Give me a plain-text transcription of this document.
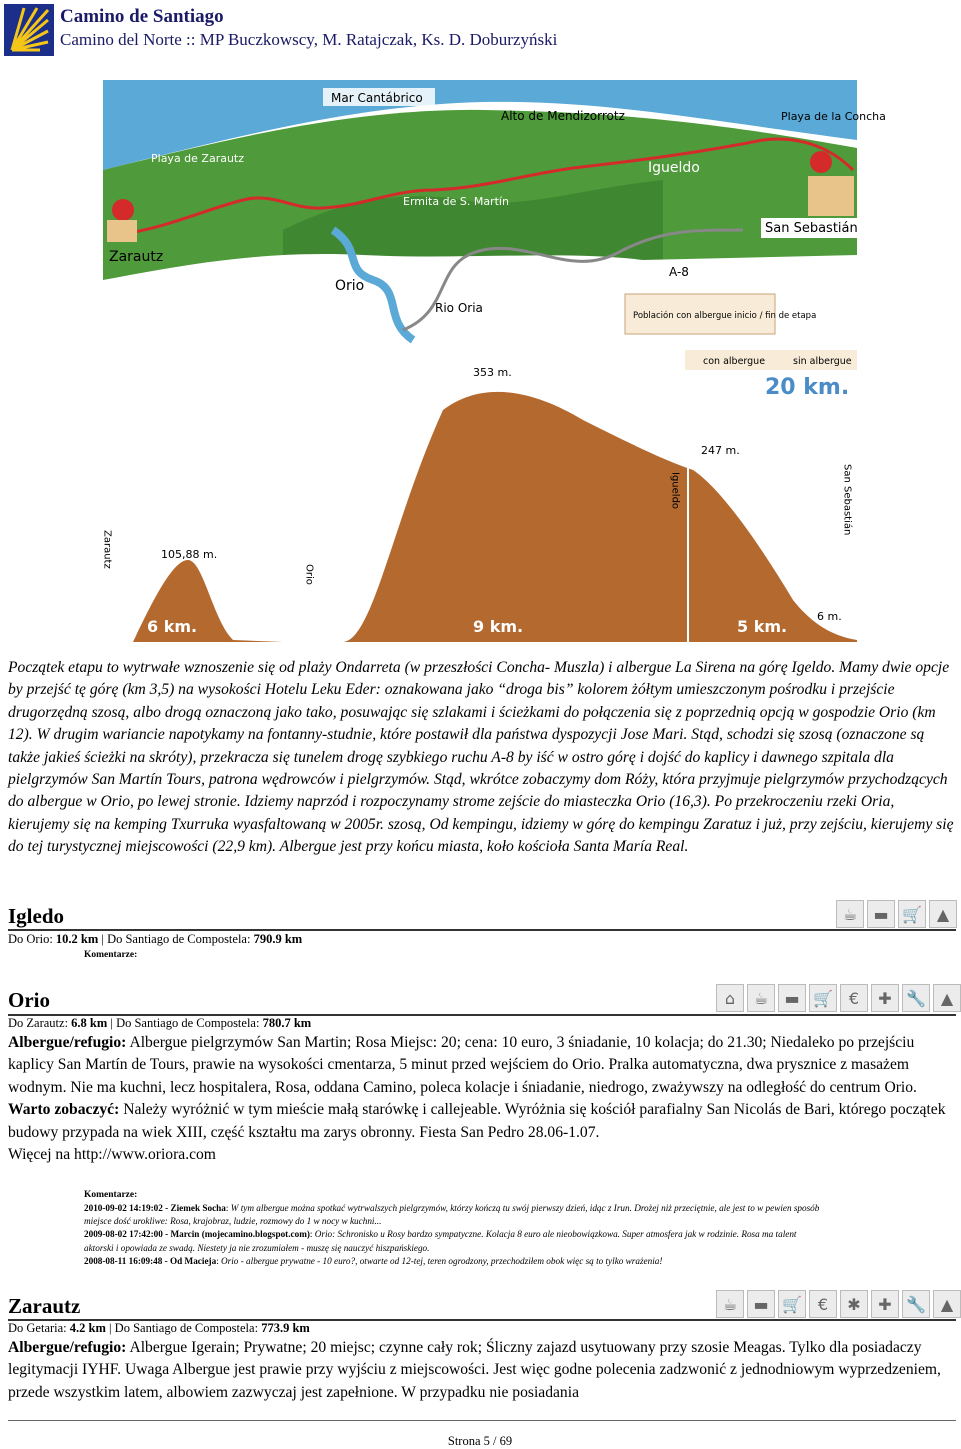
Camino de Santiago
Camino del Norte :: MP Buczkowscy, M. Ratajczak, Ks. D. Doburzyński
Mar Cantábrico
Alto de Mendizorrotz
Playa de Zarautz
Playa de la Concha
Igueldo
Ermita de S. Martín
Zarautz
Orio
Rio Oria
A-8
San Sebastián
Población con albergue inicio / fin de etapa
con albergue	sin albergue
353 m.
20 km.
247 m.
105,88 m.
6 m.
6 km.	9 km.	5 km.
Zarautz
Orio
Igueldo	San Sebastián
Początek etapu to wytrwałe wznoszenie się od plaży Ondarreta (w przeszłości Concha- Muszla) i albergue La Sirena na górę Igeldo. Mamy dwie opcje by przejść tę górę (km 3,5) na wysokości Hotelu Leku Eder: oznakowana jako “droga bis” kolorem żółtym umieszczonym pośrodku i przejście drugorzędną szosą, albo drogą oznaczoną jako tako, posuwając się szlakami i ścieżkami do połączenia się z poprzednią opcją w gospodzie Orio (km 12). W drugim wariancie napotykamy na fontanny-studnie, które postawił dla państwa dyspozycji Jose Mari. Stąd, schodzi się szosą (oznaczone są także jakieś ścieżki na skróty), przekracza się tunelem drogę szybkiego ruchu A-8 by iść w ostro górę i dojść do kaplicy i dawnego szpitala dla pielgrzymów San Martín Tours, patrona wędrowców i pielgrzymów. Stąd, wkrótce zobaczymy dom Róży, która przyjmuje pielgrzymów przychodzących do albergue w Orio, po lewej stronie. Idziemy naprzód i rozpoczynamy strome zejście do miasteczka Orio (16,3). Po przekroczeniu rzeki Oria, kierujemy się na kemping Txurruka wyasfaltowaną w 2005r. szosą, Od kempingu, idziemy w górę do kempingu Zaratuz i już, przy zejściu, kierujemy się do tej turystycznej miejscowości (22,9 km). Albergue jest przy końcu miasta, koło kościoła Santa María Real.
Igledo	☕	▬ 🛒 ▲
Do Orio: 10.2 km | Do Santiago de Compostela: 790.9 km
Komentarze:
Orio	⌂	☕	▬ 🛒 €	✚ 🔧 ▲
Do Zarautz: 6.8 km | Do Santiago de Compostela: 780.7 km
Albergue/refugio: Albergue pielgrzymów San Martin; Rosa Miejsc: 20; cena: 10 euro, 3 śniadanie, 10 kolacja; do 21.30; Niedaleko po przejściu kaplicy San Martín de Tours, prawie na wysokości cmentarza, 5 minut przed wejściem do Orio. Pralka automatyczna, dwa prysznice z masażem wodnym. Nie ma kuchni, lecz hospitalera, Rosa, oddana Camino, poleca kolacje i śniadanie, niedrogo, zważywszy na odległość do centrum Orio.
Warto zobaczyć: Należy wyróżnić w tym mieście małą starówkę i callejeable. Wyróżnia się kościół parafialny San Nicolás de Bari, którego początek budowy przypada na wiek XIII, część kształtu ma zarys obronny. Fiesta San Pedro 28.06-1.07.
Więcej na http://www.oriora.com
Komentarze:
2010-09-02 14:19:02 - Ziemek Socha: W tym albergue można spotkać wytrwalszych pielgrzymów, którzy kończą tu swój pierwszy dzień, idąc z Irun. Drożej niż przeciętnie, ale jest to w pewien sposób miejsce dość urokliwe: Rosa, krajobraz, ludzie, rozmowy do 1 w nocy w kuchni...
2009-08-02 17:42:00 - Marcin (mojecamino.blogspot.com): Orio: Schronisko u Rosy bardzo sympatyczne. Kolacja 8 euro ale nieobowiązkowa. Super atmosfera jak w rodzinie. Rosa ma talent aktorski i opowiada ze swadą. Niestety ja nie zrozumiałem - muszę się nauczyć hiszpańskiego.
2008-08-11 16:09:48 - Od Macieja: Orio - albergue prywatne - 10 euro?, otwarte od 12-tej, teren ogrodzony, przechodziłem obok więc są to tylko wrażenia!
Zarautz	☕	▬ 🛒 €	✱	✚ 🔧 ▲
Do Getaria: 4.2 km | Do Santiago de Compostela: 773.9 km
Albergue/refugio: Albergue Igerain; Prywatne; 20 miejsc; czynne cały rok; Śliczny zajazd usytuowany przy szosie Meagas. Tylko dla posiadaczy legitymacji IYHF. Uwaga Albergue jest prawie przy wyjściu z miejscowości. Jest więc godne polecenia zadzwonić z jednodniowym wyprzedzeniem, przede wszystkim latem, albowiem zazwyczaj jest zapełnione. W przypadku nie posiadania
Strona 5 / 69
